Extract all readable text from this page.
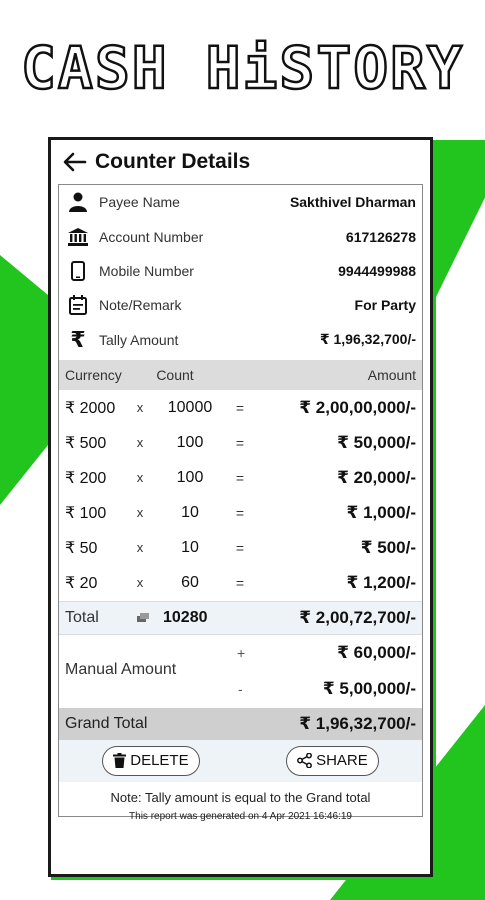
CASH HiSTORY
Counter Details
Payee Name	Sakthivel Dharman
Account Number	617126278
Mobile Number	9944499988
Note/Remark	For Party
₹ Tally Amount	₹ 1,96,32,700/-
Currency	Count	Amount
₹ 2000	x	10000	=	₹ 2,00,00,000/-
₹ 500	x	100	=	₹ 50,000/-
₹ 200	x	100	=	₹ 20,000/-
₹ 100	x	10	=	₹ 1,000/-
₹ 50	x	10	=	₹ 500/-
₹ 20	x	60	=	₹ 1,200/-
Total	10280	₹ 2,00,72,700/-
Manual Amount
+	₹ 60,000/-
-	₹ 5,00,000/-
Grand Total	₹ 1,96,32,700/-
DELETE	SHARE
Note: Tally amount is equal to the Grand total
This report was generated on 4 Apr 2021 16:46:19
